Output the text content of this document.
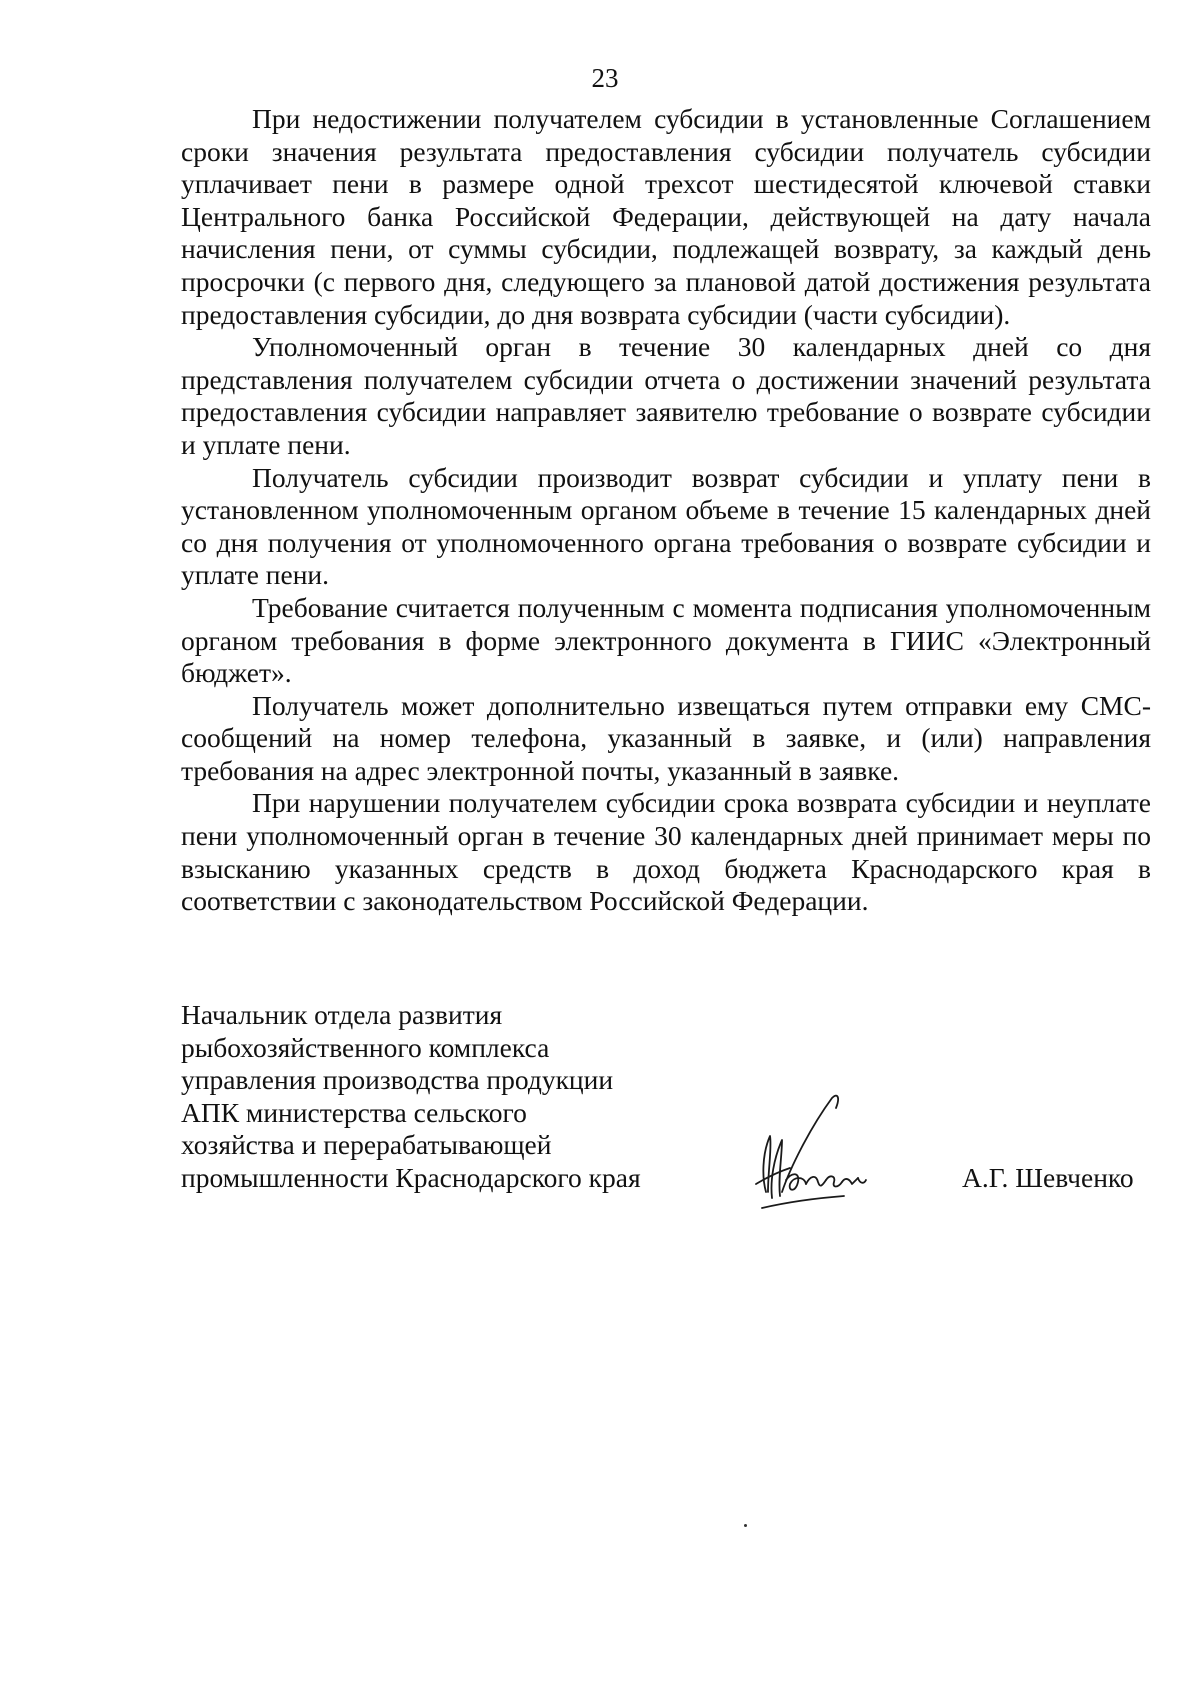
23

При недостижении получателем субсидии в установленные Соглашением сроки значения результата предоставления субсидии получатель субсидии уплачивает пени в размере одной трехсот шестидесятой ключевой ставки Центрального банка Российской Федерации, действующей на дату начала начисления пени, от суммы субсидии, подлежащей возврату, за каждый день просрочки (с первого дня, следующего за плановой датой достижения результата предоставления субсидии, до дня возврата субсидии (части субсидии).

Уполномоченный орган в течение 30 календарных дней со дня представления получателем субсидии отчета о достижении значений результата предоставления субсидии направляет заявителю требование о возврате субсидии и уплате пени.

Получатель субсидии производит возврат субсидии и уплату пени в установленном уполномоченным органом объеме в течение 15 календарных дней со дня получения от уполномоченного органа требования о возврате субсидии и уплате пени.

Требование считается полученным с момента подписания уполномоченным органом требования в форме электронного документа в ГИИС «Электронный бюджет».

Получатель может дополнительно извещаться путем отправки ему СМС-сообщений на номер телефона, указанный в заявке, и (или) направления требования на адрес электронной почты, указанный в заявке.

При нарушении получателем субсидии срока возврата субсидии и неуплате пени уполномоченный орган в течение 30 календарных дней принимает меры по взысканию указанных средств в доход бюджета Краснодарского края в соответствии с законодательством Российской Федерации.

Начальник отдела развития
рыбохозяйственного комплекса
управления производства продукции
АПК министерства сельского
хозяйства и перерабатывающей
промышленности Краснодарского края	А.Г. Шевченко
